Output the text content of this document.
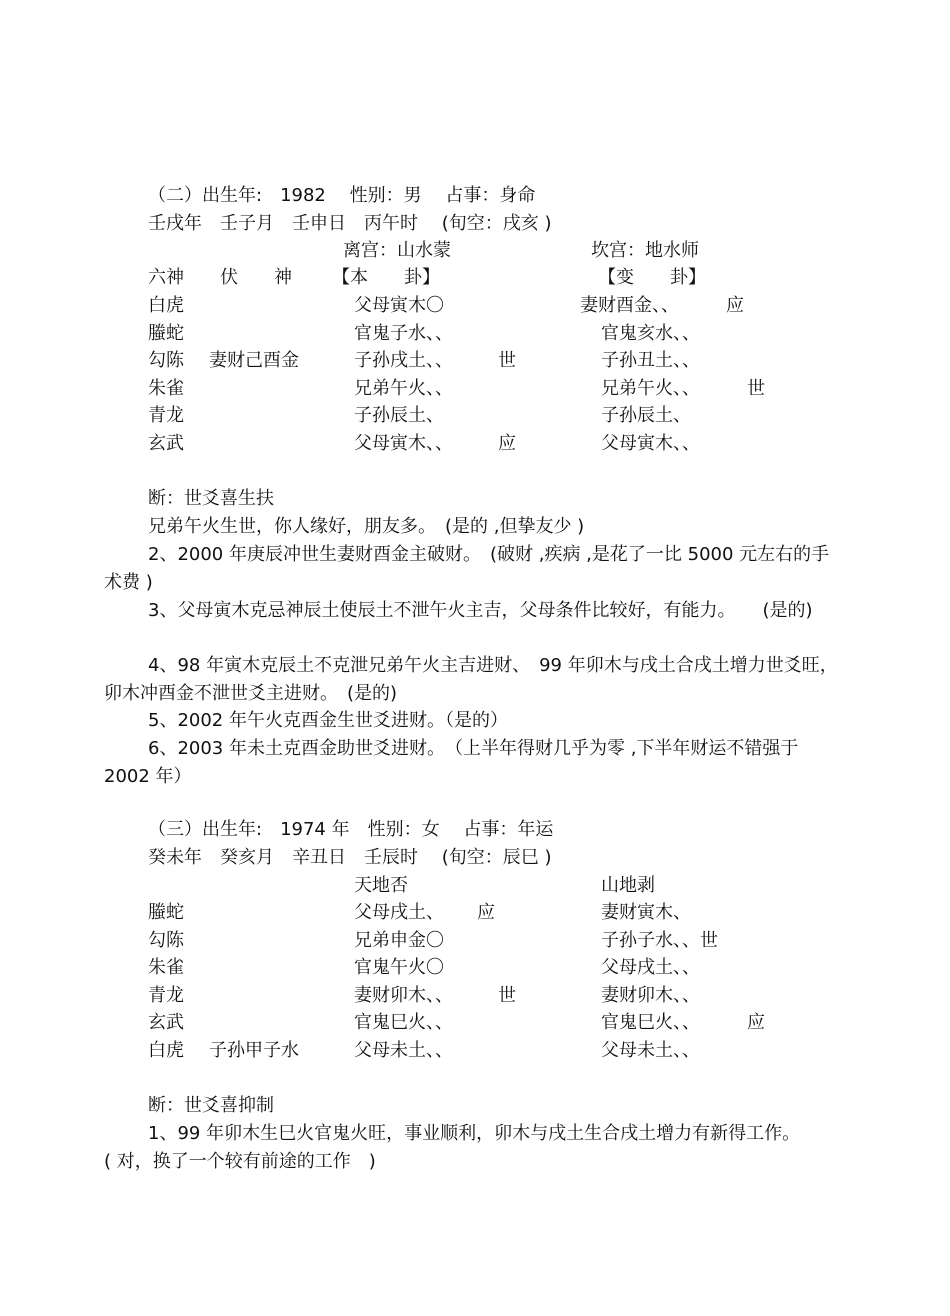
（二）出生年:　1982　 性别：男　 占事：身命
壬戌年　壬子月　壬申日　丙午时　 (旬空：戌亥 )
离宫：山水蒙	坎宫：地水师
六神 伏　　神 【本　　卦】	【变　　卦】
白虎	父母寅木〇	妻财酉金、、	应
螣蛇	官鬼子水、、	官鬼亥水、、
勾陈 妻财己酉金	子孙戌土、、	世	子孙丑土、、
朱雀	兄弟午火、、	兄弟午火、、	世
青龙	子孙辰土、	子孙辰土、
玄武	父母寅木、、	应	父母寅木、、
断：世爻喜生扶
兄弟午火生世，你人缘好，朋友多。　(是的 ,但挚友少 )
2、2000 年庚辰冲世生妻财酉金主破财。　(破财 ,疾病 ,是花了一比 5000 元左右的手术费 )
3、父母寅木克忌神辰土使辰土不泄午火主吉，父母条件比较好，有能力。　　(是的)
4、98 年寅木克辰土不克泄兄弟午火主吉进财、　99 年卯木与戌土合戌土增力世爻旺，卯木冲酉金不泄世爻主进财。　(是的)
5、2002 年午火克酉金生世爻进财。（是的）
6、2003 年未土克酉金助世爻进财。　（上半年得财几乎为零 ,下半年财运不错强于 2002 年）
（三）出生年:　1974 年　性别：女　 占事：年运
癸未年　癸亥月　辛丑日　壬辰时　 (旬空：辰巳 )
天地否	山地剥
螣蛇	父母戌土、 应	妻财寅木、
勾陈	兄弟申金〇	子孙子水、、世
朱雀	官鬼午火〇	父母戌土、、
青龙	妻财卯木、、	世	妻财卯木、、
玄武	官鬼巳火、、	官鬼巳火、、	应
白虎 子孙甲子水	父母未土、、	父母未土、、
断：世爻喜抑制
1、99 年卯木生巳火官鬼火旺，事业顺利，卯木与戌土生合戌土增力有新得工作。( 对，换了一个较有前途的工作　)
